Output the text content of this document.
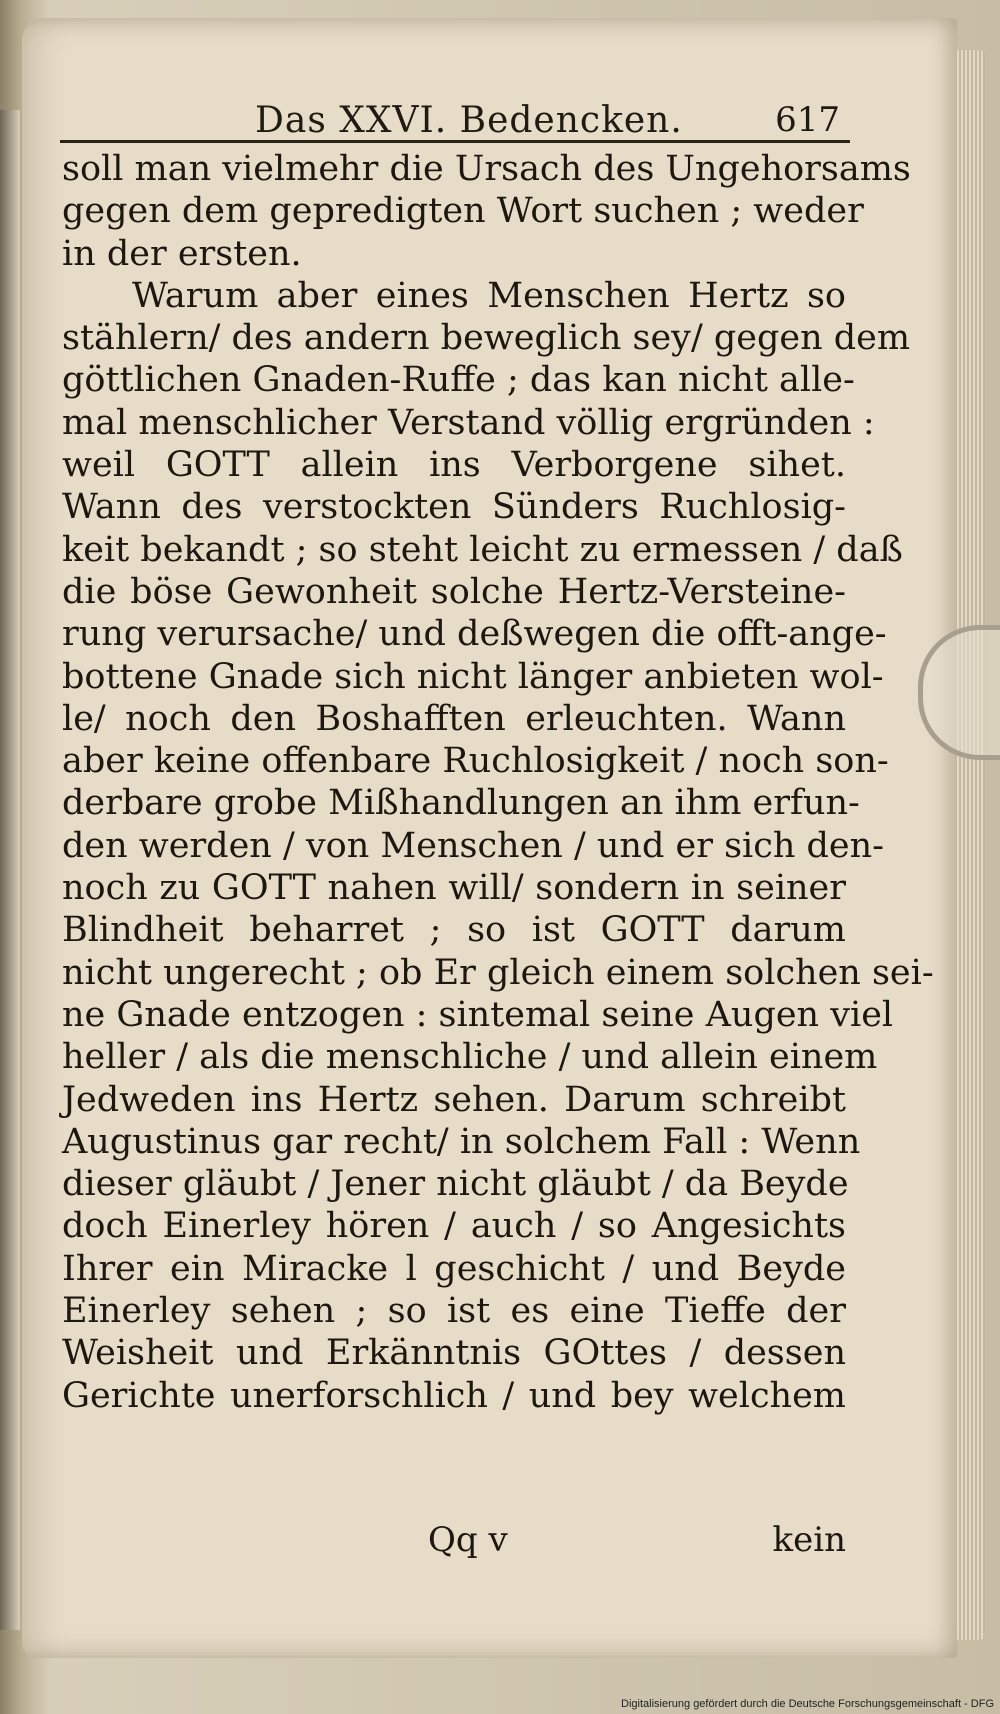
Das XXVI. Bedencken.	617
soll man vielmehr die Ursach des Ungehorsams
gegen dem gepredigten Wort suchen ; weder
in der ersten.
Warum aber eines Menschen Hertz so
stählern/ des andern beweglich sey/ gegen dem
göttlichen Gnaden-Ruffe ; das kan nicht alle-
mal menschlicher Verstand völlig ergründen :
weil GOTT allein ins Verborgene sihet.
Wann des verstockten Sünders Ruchlosig-
keit bekandt ; so steht leicht zu ermessen / daß
die böse Gewonheit solche Hertz-Versteine-
rung verursache/ und deßwegen die offt-ange-
bottene Gnade sich nicht länger anbieten wol-
le/ noch den Boshafften erleuchten. Wann
aber keine offenbare Ruchlosigkeit / noch son-
derbare grobe Mißhandlungen an ihm erfun-
den werden / von Menschen / und er sich den-
noch zu GOTT nahen will/ sondern in seiner
Blindheit beharret ; so ist GOTT darum
nicht ungerecht ; ob Er gleich einem solchen sei-
ne Gnade entzogen : sintemal seine Augen viel
heller / als die menschliche / und allein einem
Jedweden ins Hertz sehen. Darum schreibt
Augustinus gar recht/ in solchem Fall : Wenn
dieser gläubt / Jener nicht gläubt / da Beyde
doch Einerley hören / auch / so Angesichts
Ihrer ein Miracke l geschicht / und Beyde
Einerley sehen ; so ist es eine Tieffe der
Weisheit und Erkänntnis GOttes / dessen
Gerichte unerforschlich / und bey welchem
Qq v	kein
Digitalisierung gefördert durch die Deutsche Forschungsgemeinschaft - DFG
